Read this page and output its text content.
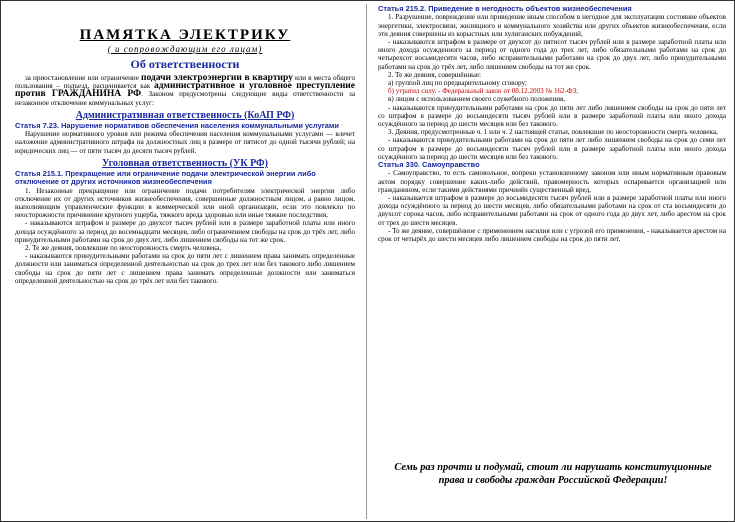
ПАМЯТКА ЭЛЕКТРИКУ
( и сопровождающим его лицам)
Об ответственности

за приостановление или ограничение подачи электроэнергии в квартиру или в места общего пользования – подъезд, расценивается как административное и уголовное преступление против ГРАЖДАНИНА РФ. Законом предусмотрены следующие виды ответственности за незаконное отключение коммунальных услуг:

Административная ответственность (КоАП РФ)
Статья 7.23. Нарушение нормативов обеспечения населения коммунальными услугами

Нарушение нормативного уровня или режима обеспечения населения коммунальными услугами — влечет наложение административного штрафа на должностных лиц в размере от пятисот до одной тысячи рублей; на юридических лиц — от пяти тысяч до десяти тысяч рублей.

Уголовная ответственность (УК РФ)
Статья 215.1. Прекращение или ограничение подачи электрической энергии либо отключение от других источников жизнеобеспечения

1. Незаконные прекращение или ограничение подачи потребителям электрической энергии либо отключение их от других источников жизнеобеспечения, совершенные должностным лицом, а равно лицом, выполняющим управленческие функции в коммерческой или иной организации, если это повлекло по неосторожности причинение крупного ущерба, тяжкого вреда здоровью или иные тяжкие последствия,

- наказываются штрафом в размере до двухсот тысяч рублей или в размере заработной платы или иного дохода осуждённого за период до восемнадцати месяцев, либо ограничением свободы на срок до трёх лет, либо принудительными работами на срок до двух лет, либо лишением свободы на тот же срок.

2. Те же деяния, повлекшие по неосторожность смерть человека,

- наказываются принудительными работами на срок до пяти лет с лишением права занимать определенные должности или заниматься определенной деятельностью на срок до трех лет или без такового либо лишением свободы на срок до пяти лет с лишением права занимать определенные должности или заниматься определенной деятельностью на срок до трёх лет или без такового.

Статья 215.2. Приведение в негодность объектов жизнеобеспечения

1. Разрушение, повреждение или приведение иным способом в негодное для эксплуатации состояние объектов энергетики, электросвязи, жилищного и коммунального хозяйства или других объектов жизнеобеспечения, если эти деяния совершены из корыстных или хулиганских побуждений,

- наказываются штрафом в размере от двухсот до пятисот тысяч рублей или в размере заработной платы или иного дохода осужденного за период от одного года до трех лет, либо обязательными работами на срок до четырехсот восьмидесяти часов, либо исправительными работами на срок до двух лет, либо принудительными работами на срок до трёх лет, либо лишением свободы на тот же срок.

2. Те же деяния, совершённые:

а) группой лиц по предварительному сговору;

б) утратил силу. - Федеральный закон от 08.12.2003 № 162-ФЗ;

в) лицом с использованием своего служебного положения,

- наказываются принудительными работами на срок до пяти лет либо лишением свободы на срок до пяти лет со штрафом в размере до восьмидесяти тысяч рублей или в размере заработной платы или иного дохода осуждённого за период до шести месяцев или без такового.

3. Деяния, предусмотренные ч. 1 или ч. 2 настоящей статьи, повлекшие по неосторожности смерть человека,

- наказываются принудительными работами на срок до пяти лет либо лишением свободы на срок до семи лет со штрафом в размере до восьмидесяти тысяч рублей или в размере заработной платы или иного дохода осуждённого за период до шести месяцев или без такового.

Статья 330. Самоуправство

- Самоуправство, то есть самовольное, вопреки установленному законом или иным нормативным правовым актом порядку совершение каких-либо действий, правомерность которых оспаривается организацией или гражданином, если такими действиями причинён существенный вред,

- наказывается штрафом в размере до восьмидесяти тысяч рублей или в размере заработной платы или иного дохода осуждённого за период до шести месяцев, либо обязательными работами на срок от ста восьмидесяти до двухсот сорока часов, либо исправительными работами на срок от одного года до двух лет, либо арестом на срок от трех до шести месяцев.

- То же деяние, совершённое с применением насилия или с угрозой его применения, - наказывается арестом на срок от четырёх до шести месяцев либо лишением свободы на срок до пяти лет.

Семь раз прочти и подумай, стоит ли нарушать конституционные права и свободы граждан Российской Федерации!
